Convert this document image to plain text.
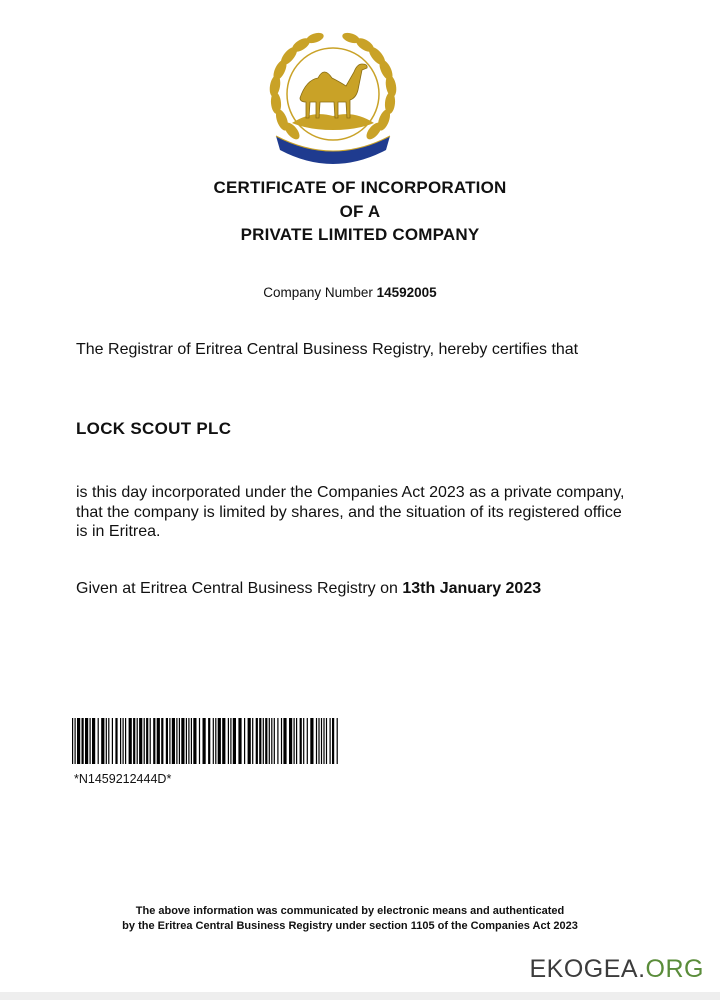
CERTIFICATE OF INCORPORATION
OF A
PRIVATE LIMITED COMPANY
Company Number 14592005
The Registrar of Eritrea Central Business Registry, hereby certifies that
LOCK SCOUT PLC
is this day incorporated under the Companies Act 2023 as a private company, that the company is limited by shares, and the situation of its registered office is in Eritrea.
Given at Eritrea Central Business Registry on 13th January 2023
*N1459212444D*
The above information was communicated by electronic means and authenticated
by the Eritrea Central Business Registry under section 1105 of the Companies Act 2023
EKOGEA.ORG
